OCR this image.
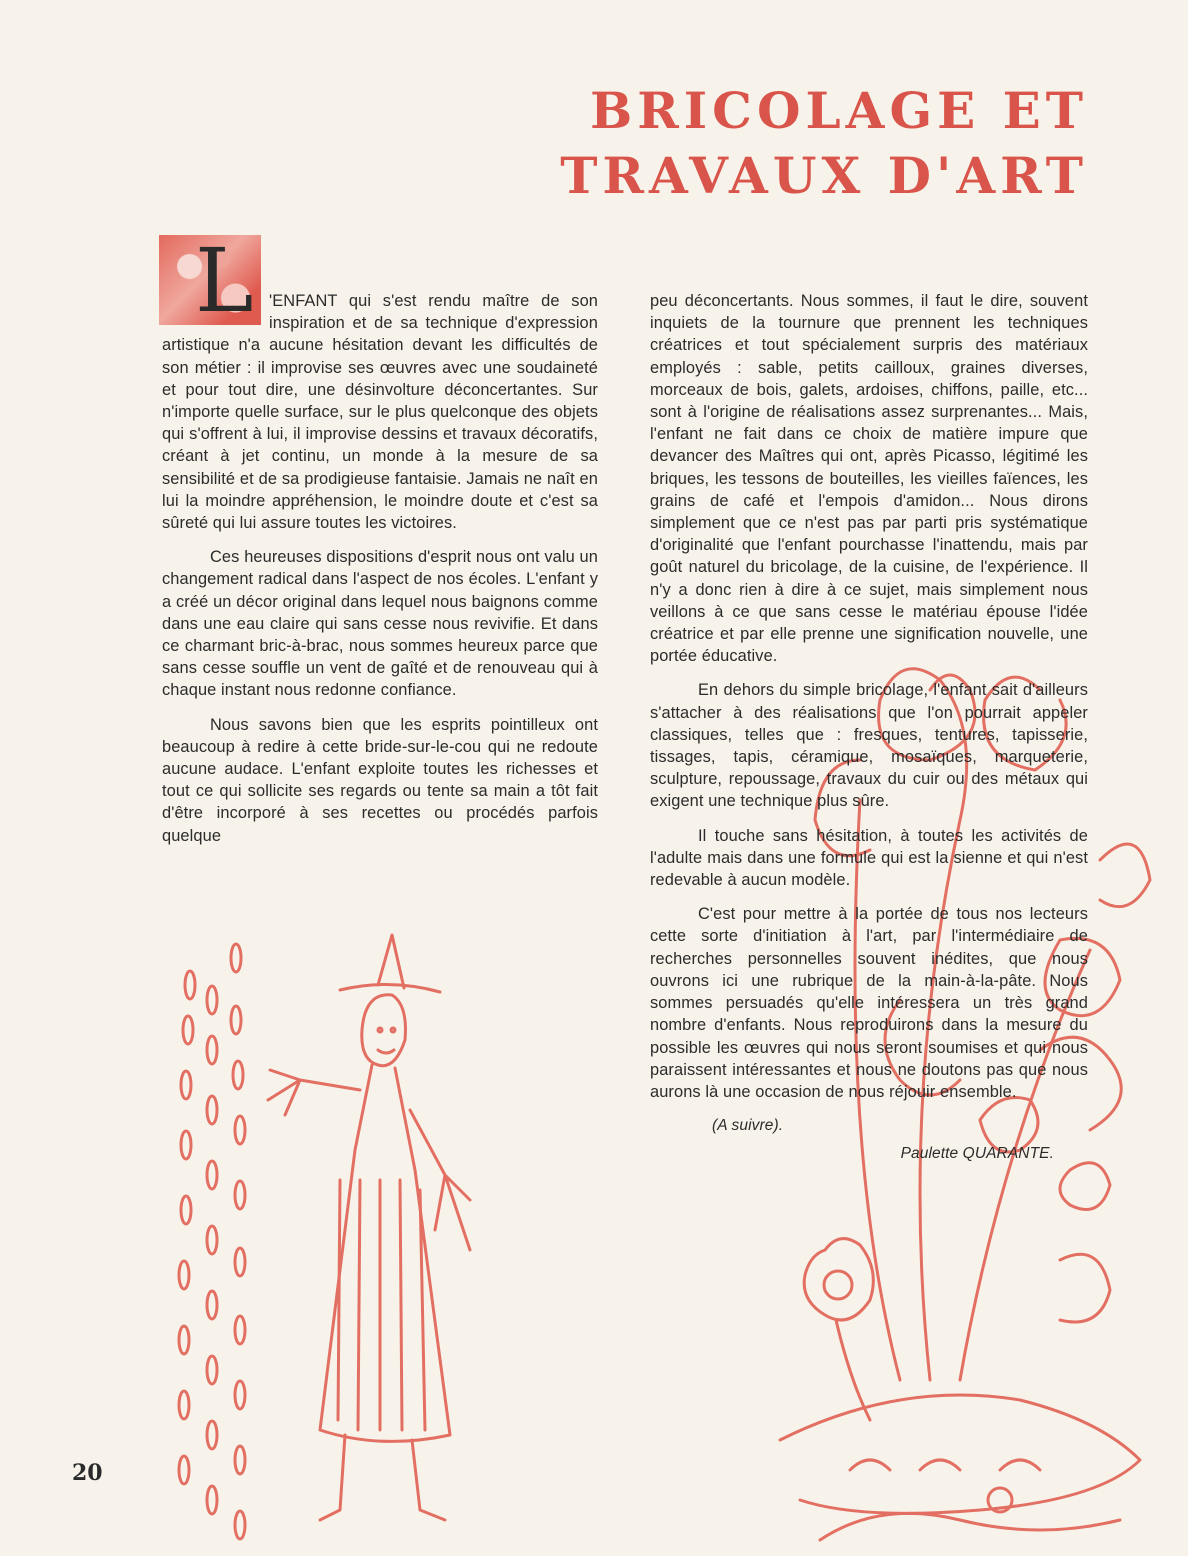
BRICOLAGE ET
TRAVAUX D'ART
L 'ENFANT qui s'est rendu maître de son inspiration et de sa technique d'expression artistique n'a aucune hésitation devant les difficultés de son métier : il improvise ses œuvres avec une soudaineté et pour tout dire, une désinvolture déconcertantes. Sur n'importe quelle surface, sur le plus quelconque des objets qui s'offrent à lui, il improvise dessins et travaux décoratifs, créant à jet continu, un monde à la mesure de sa sensibilité et de sa prodigieuse fantaisie. Jamais ne naît en lui la moindre appréhension, le moindre doute et c'est sa sûreté qui lui assure toutes les victoires.

Ces heureuses dispositions d'esprit nous ont valu un changement radical dans l'aspect de nos écoles. L'enfant y a créé un décor original dans lequel nous baignons comme dans une eau claire qui sans cesse nous revivifie. Et dans ce charmant bric-à-brac, nous sommes heureux parce que sans cesse souffle un vent de gaîté et de renouveau qui à chaque instant nous redonne confiance.

Nous savons bien que les esprits pointilleux ont beaucoup à redire à cette bride-sur-le-cou qui ne redoute aucune audace. L'enfant exploite toutes les richesses et tout ce qui sollicite ses regards ou tente sa main a tôt fait d'être incorporé à ses recettes ou procédés parfois quelque

peu déconcertants. Nous sommes, il faut le dire, souvent inquiets de la tournure que prennent les techniques créatrices et tout spécialement surpris des matériaux employés : sable, petits cailloux, graines diverses, morceaux de bois, galets, ardoises, chiffons, paille, etc... sont à l'origine de réalisations assez surprenantes... Mais, l'enfant ne fait dans ce choix de matière impure que devancer des Maîtres qui ont, après Picasso, légitimé les briques, les tessons de bouteilles, les vieilles faïences, les grains de café et l'empois d'amidon... Nous dirons simplement que ce n'est pas par parti pris systématique d'originalité que l'enfant pourchasse l'inattendu, mais par goût naturel du bricolage, de la cuisine, de l'expérience. Il n'y a donc rien à dire à ce sujet, mais simplement nous veillons à ce que sans cesse le matériau épouse l'idée créatrice et par elle prenne une signification nouvelle, une portée éducative.

En dehors du simple bricolage, l'enfant sait d'ailleurs s'attacher à des réalisations que l'on pourrait appeler classiques, telles que : fresques, tentures, tapisserie, tissages, tapis, céramique, mosaïques, marqueterie, sculpture, repoussage, travaux du cuir ou des métaux qui exigent une technique plus sûre.

Il touche sans hésitation, à toutes les activités de l'adulte mais dans une formule qui est la sienne et qui n'est redevable à aucun modèle.

C'est pour mettre à la portée de tous nos lecteurs cette sorte d'initiation à l'art, par l'intermédiaire de recherches personnelles souvent inédites, que nous ouvrons ici une rubrique de la main-à-la-pâte. Nous sommes persuadés qu'elle intéressera un très grand nombre d'enfants. Nous reproduirons dans la mesure du possible les œuvres qui nous seront soumises et qui nous paraissent intéressantes et nous ne doutons pas que nous aurons là une occasion de nous réjouir ensemble.

(A suivre).
Paulette QUARANTE.
20
